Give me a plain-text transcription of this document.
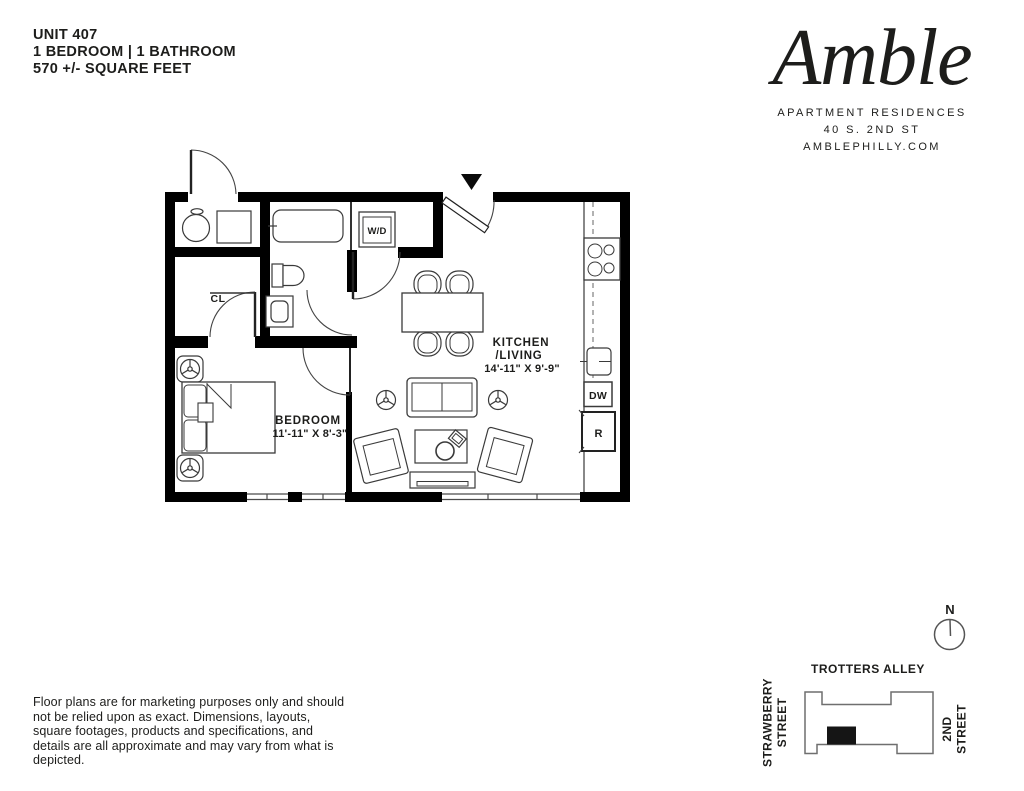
UNIT 407
1 BEDROOM | 1 BATHROOM
570 +/- SQUARE FEET	Amble
APARTMENT RESIDENCES
40 S. 2ND ST
AMBLEPHILLY.COM
CL
W/D
KITCHEN
/LIVING
14'-11" X 9'-9"
BEDROOM
11'-11" X 8'-3"
DW
R
N
TROTTERS ALLEY
STRAWBERRY STREET	2ND STREET
Floor plans are for marketing purposes only and should
not be relied upon as exact. Dimensions, layouts,
square footages, products and specifications, and
details are all approximate and may vary from what is
depicted.
